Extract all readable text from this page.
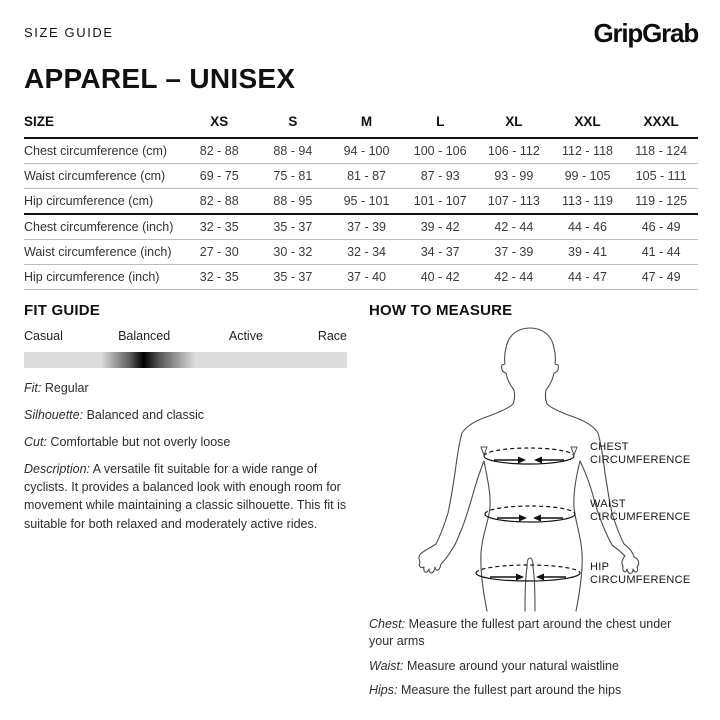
SIZE GUIDE	GripGrab
APPAREL – UNISEX
SIZE	XS	S	M	L	XL	XXL	XXXL
Chest circumference (cm)	82 - 88	88 - 94	94 - 100	100 - 106	106 - 112	112 - 118	118 - 124
Waist circumference (cm)	69 - 75	75 - 81	81 - 87	87 - 93	93 - 99	99 - 105	105 - 111
Hip circumference (cm)	82 - 88	88 - 95	95 - 101	101 - 107	107 - 113	113 - 119	119 - 125
Chest circumference (inch)	32 - 35	35 - 37	37 - 39	39 - 42	42 - 44	44 - 46	46 - 49
Waist circumference (inch)	27 - 30	30 - 32	32 - 34	34 - 37	37 - 39	39 - 41	41 - 44
Hip circumference (inch)	32 - 35	35 - 37	37 - 40	40 - 42	42 - 44	44 - 47	47 - 49
FIT GUIDE
Casual	Balanced	Active	Race

Fit: Regular

Silhouette: Balanced and classic

Cut: Comfortable but not overly loose

Description: A versatile fit suitable for a wide range of cyclists. It provides a balanced look with enough room for movement while maintaining a classic silhouette. This fit is suitable for both relaxed and moderately active rides.

HOW TO MEASURE
CHEST
CIRCUMFERENCE
WAIST
CIRCUMFERENCE
HIP
CIRCUMFERENCE

Chest: Measure the fullest part around the chest under your arms

Waist: Measure around your natural waistline

Hips: Measure the fullest part around the hips
